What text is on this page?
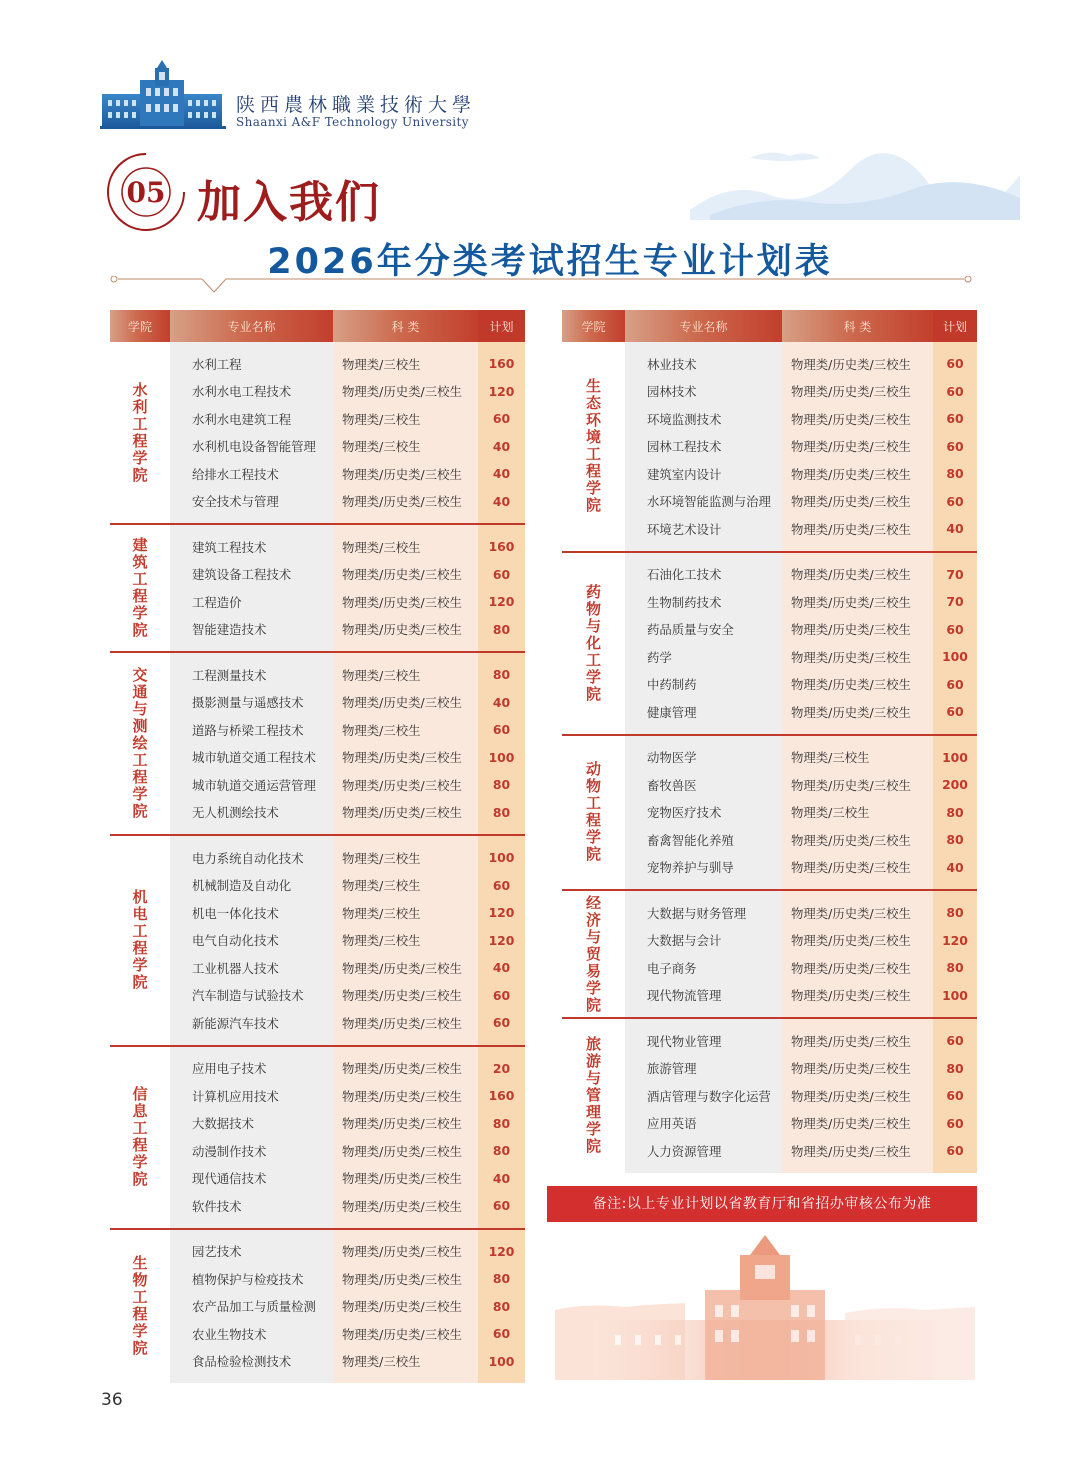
陕西農林職業技術大學
Shaanxi A&F Technology University
05 加入我们
2026年分类考试招生专业计划表
学院	专业名称	科 类	计划
水利工程学院			
	水利工程	物理类/三校生	160
	水利水电工程技术	物理类/历史类/三校生	120
	水利水电建筑工程	物理类/三校生	60
	水利机电设备智能管理	物理类/三校生	40
	给排水工程技术	物理类/历史类/三校生	40
	安全技术与管理	物理类/历史类/三校生	40

建筑工程学院			
	建筑工程技术	物理类/三校生	160
	建筑设备工程技术	物理类/历史类/三校生	60
	工程造价	物理类/历史类/三校生	120
	智能建造技术	物理类/历史类/三校生	80

交通与测绘工程学院			
	工程测量技术	物理类/三校生	80
	摄影测量与遥感技术	物理类/历史类/三校生	40
	道路与桥梁工程技术	物理类/三校生	60
	城市轨道交通工程技术	物理类/历史类/三校生	100
	城市轨道交通运营管理	物理类/历史类/三校生	80
	无人机测绘技术	物理类/历史类/三校生	80

机电工程学院			
	电力系统自动化技术	物理类/三校生	100
	机械制造及自动化	物理类/三校生	60
	机电一体化技术	物理类/三校生	120
	电气自动化技术	物理类/三校生	120
	工业机器人技术	物理类/历史类/三校生	40
	汽车制造与试验技术	物理类/历史类/三校生	60
	新能源汽车技术	物理类/历史类/三校生	60

信息工程学院			
	应用电子技术	物理类/历史类/三校生	20
	计算机应用技术	物理类/历史类/三校生	160
	大数据技术	物理类/历史类/三校生	80
	动漫制作技术	物理类/历史类/三校生	80
	现代通信技术	物理类/历史类/三校生	40
	软件技术	物理类/历史类/三校生	60

生物工程学院			
	园艺技术	物理类/历史类/三校生	120
	植物保护与检疫技术	物理类/历史类/三校生	80
	农产品加工与质量检测	物理类/历史类/三校生	80
	农业生物技术	物理类/历史类/三校生	60
	食品检验检测技术	物理类/三校生	100

学院	专业名称	科 类	计划
生态环境工程学院			
	林业技术	物理类/历史类/三校生	60
	园林技术	物理类/历史类/三校生	60
	环境监测技术	物理类/历史类/三校生	60
	园林工程技术	物理类/历史类/三校生	60
	建筑室内设计	物理类/历史类/三校生	80
	水环境智能监测与治理	物理类/历史类/三校生	60
	环境艺术设计	物理类/历史类/三校生	40

药物与化工学院			
	石油化工技术	物理类/历史类/三校生	70
	生物制药技术	物理类/历史类/三校生	70
	药品质量与安全	物理类/历史类/三校生	60
	药学	物理类/历史类/三校生	100
	中药制药	物理类/历史类/三校生	60
	健康管理	物理类/历史类/三校生	60

动物工程学院			
	动物医学	物理类/三校生	100
	畜牧兽医	物理类/历史类/三校生	200
	宠物医疗技术	物理类/三校生	80
	畜禽智能化养殖	物理类/历史类/三校生	80
	宠物养护与驯导	物理类/历史类/三校生	40

经济与贸易学院			
	大数据与财务管理	物理类/历史类/三校生	80
	大数据与会计	物理类/历史类/三校生	120
	电子商务	物理类/历史类/三校生	80
	现代物流管理	物理类/历史类/三校生	100

旅游与管理学院			
	现代物业管理	物理类/历史类/三校生	60
	旅游管理	物理类/历史类/三校生	80
	酒店管理与数字化运营	物理类/历史类/三校生	60
	应用英语	物理类/历史类/三校生	60
	人力资源管理	物理类/历史类/三校生	60

备注:以上专业计划以省教育厅和省招办审核公布为准
36
